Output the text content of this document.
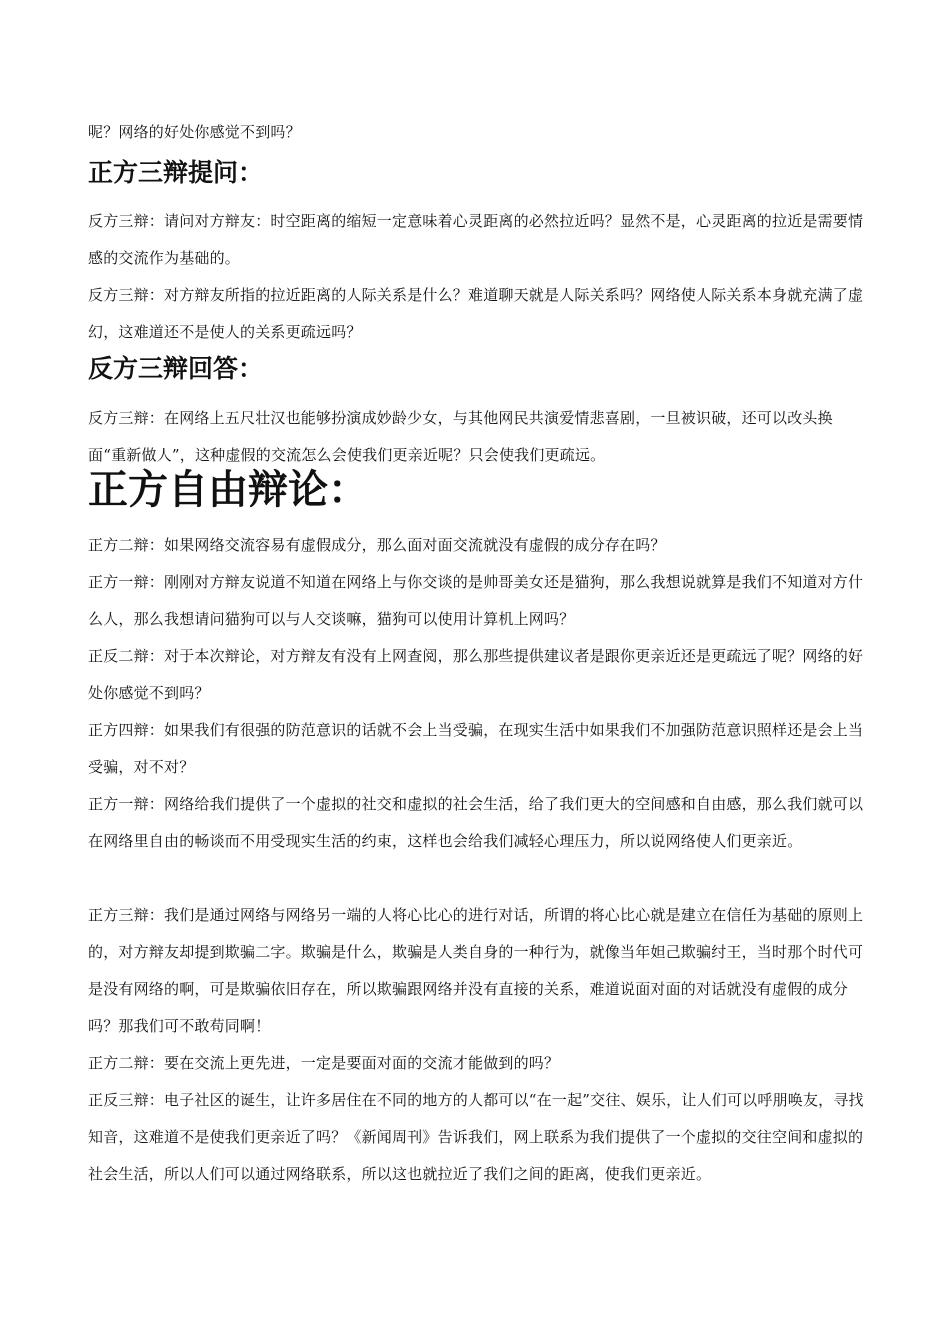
呢？网络的好处你感觉不到吗？

正方三辩提问：

反方三辩：请问对方辩友：时空距离的缩短一定意味着心灵距离的必然拉近吗？显然不是，心灵距离的拉近是需要情感的交流作为基础的。

反方三辩：对方辩友所指的拉近距离的人际关系是什么？难道聊天就是人际关系吗？网络使人际关系本身就充满了虚幻，这难道还不是使人的关系更疏远吗？

反方三辩回答：

反方三辩：在网络上五尺壮汉也能够扮演成妙龄少女，与其他网民共演爱情悲喜剧，一旦被识破，还可以改头换面“重新做人”，这种虚假的交流怎么会使我们更亲近呢？只会使我们更疏远。

正方自由辩论：

正方二辩：如果网络交流容易有虚假成分，那么面对面交流就没有虚假的成分存在吗？

正方一辩：刚刚对方辩友说道不知道在网络上与你交谈的是帅哥美女还是猫狗，那么我想说就算是我们不知道对方什么人，那么我想请问猫狗可以与人交谈嘛，猫狗可以使用计算机上网吗？

正反二辩：对于本次辩论，对方辩友有没有上网查阅，那么那些提供建议者是跟你更亲近还是更疏远了呢？网络的好处你感觉不到吗？

正方四辩：如果我们有很强的防范意识的话就不会上当受骗，在现实生活中如果我们不加强防范意识照样还是会上当受骗，对不对？

正方一辩：网络给我们提供了一个虚拟的社交和虚拟的社会生活，给了我们更大的空间感和自由感，那么我们就可以在网络里自由的畅谈而不用受现实生活的约束，这样也会给我们减轻心理压力，所以说网络使人们更亲近。

正方三辩：我们是通过网络与网络另一端的人将心比心的进行对话，所谓的将心比心就是建立在信任为基础的原则上的，对方辩友却提到欺骗二字。欺骗是什么，欺骗是人类自身的一种行为，就像当年妲己欺骗纣王，当时那个时代可是没有网络的啊，可是欺骗依旧存在，所以欺骗跟网络并没有直接的关系，难道说面对面的对话就没有虚假的成分吗？那我们可不敢苟同啊！

正方二辩：要在交流上更先进，一定是要面对面的交流才能做到的吗？

正反三辩：电子社区的诞生，让许多居住在不同的地方的人都可以“在一起”交往、娱乐，让人们可以呼朋唤友，寻找知音，这难道不是使我们更亲近了吗？《新闻周刊》告诉我们，网上联系为我们提供了一个虚拟的交往空间和虚拟的社会生活，所以人们可以通过网络联系，所以这也就拉近了我们之间的距离，使我们更亲近。
